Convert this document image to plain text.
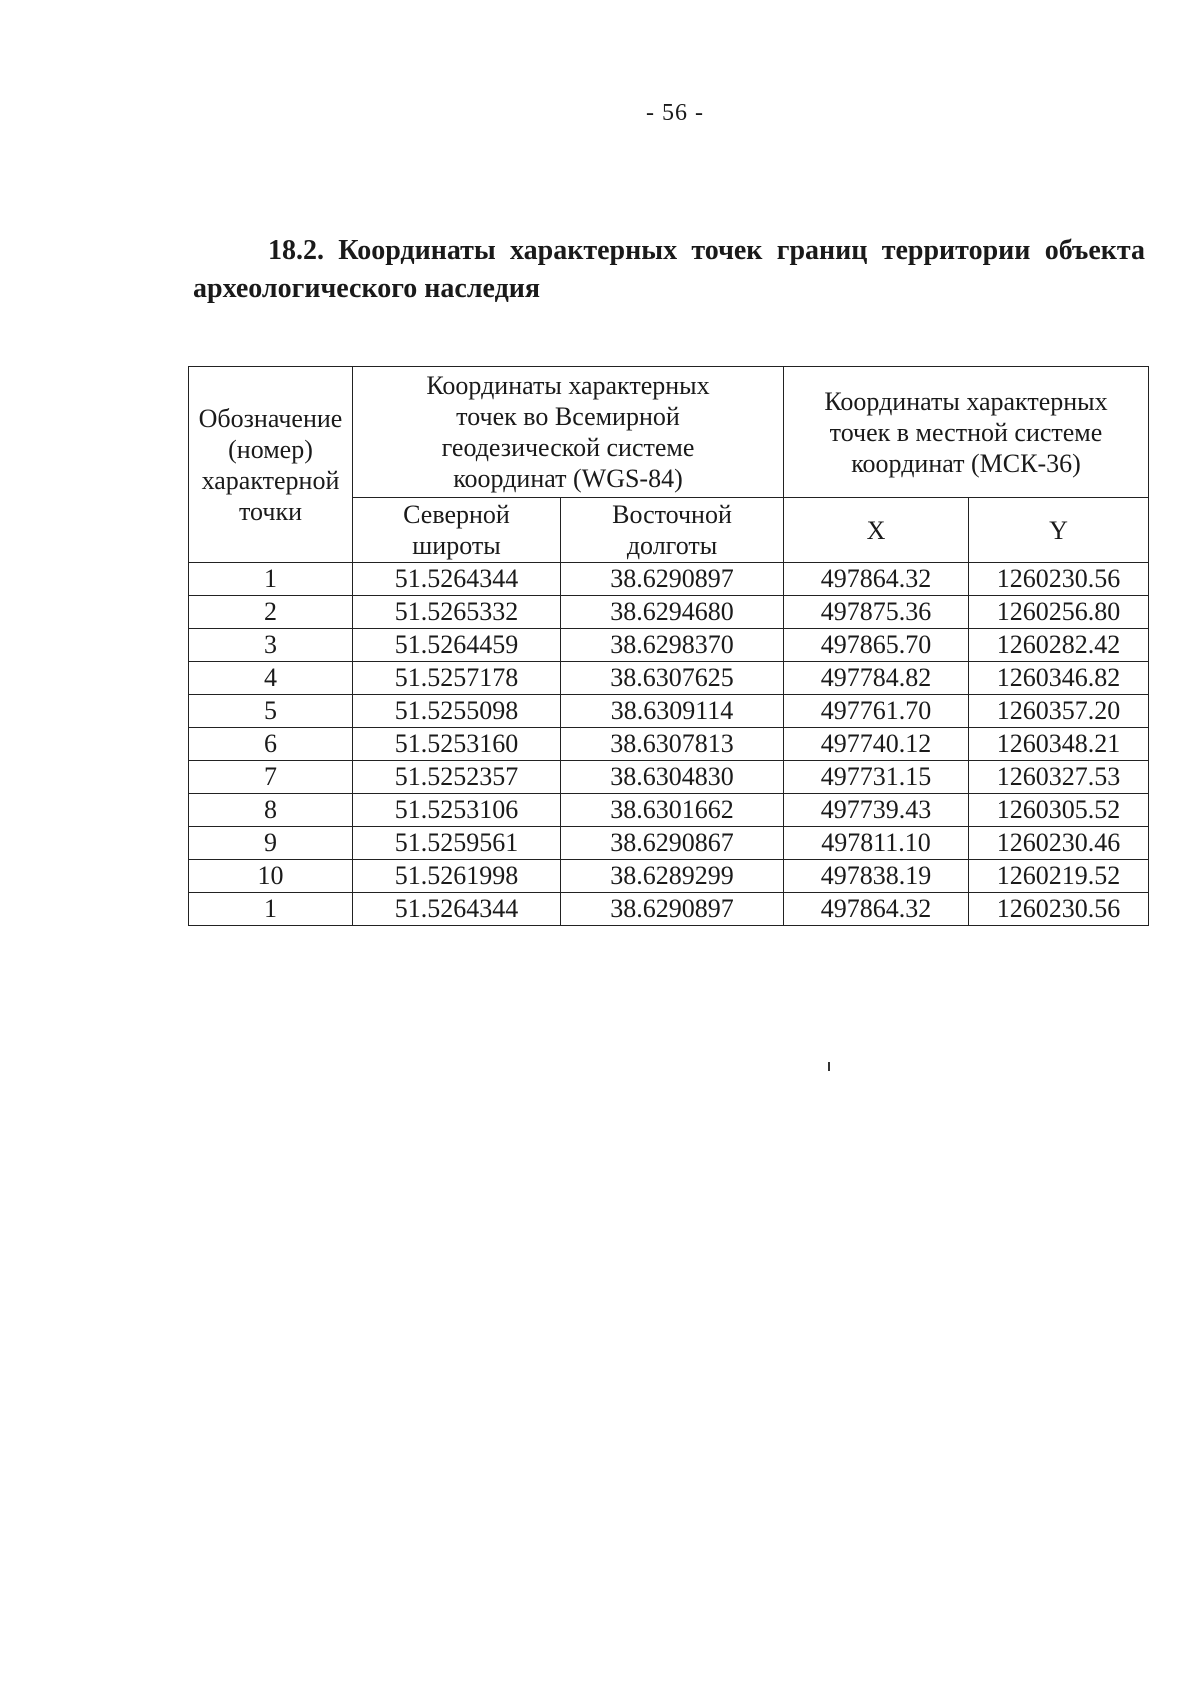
- 56 -
18.2. Координаты характерных точек границ территории объекта
археологического наследия
Обозначение
(номер)
характерной
точки	Координаты характерных точек во Всемирной геодезической системе координат (WGS-84)		Координаты характерных точек в местной системе координат (МСК-36)	
	Северной широты	Восточной долготы	X	Y
1	51.5264344	38.6290897	497864.32	1260230.56
2	51.5265332	38.6294680	497875.36	1260256.80
3	51.5264459	38.6298370	497865.70	1260282.42
4	51.5257178	38.6307625	497784.82	1260346.82
5	51.5255098	38.6309114	497761.70	1260357.20
6	51.5253160	38.6307813	497740.12	1260348.21
7	51.5252357	38.6304830	497731.15	1260327.53
8	51.5253106	38.6301662	497739.43	1260305.52
9	51.5259561	38.6290867	497811.10	1260230.46
10	51.5261998	38.6289299	497838.19	1260219.52
1	51.5264344	38.6290897	497864.32	1260230.56
